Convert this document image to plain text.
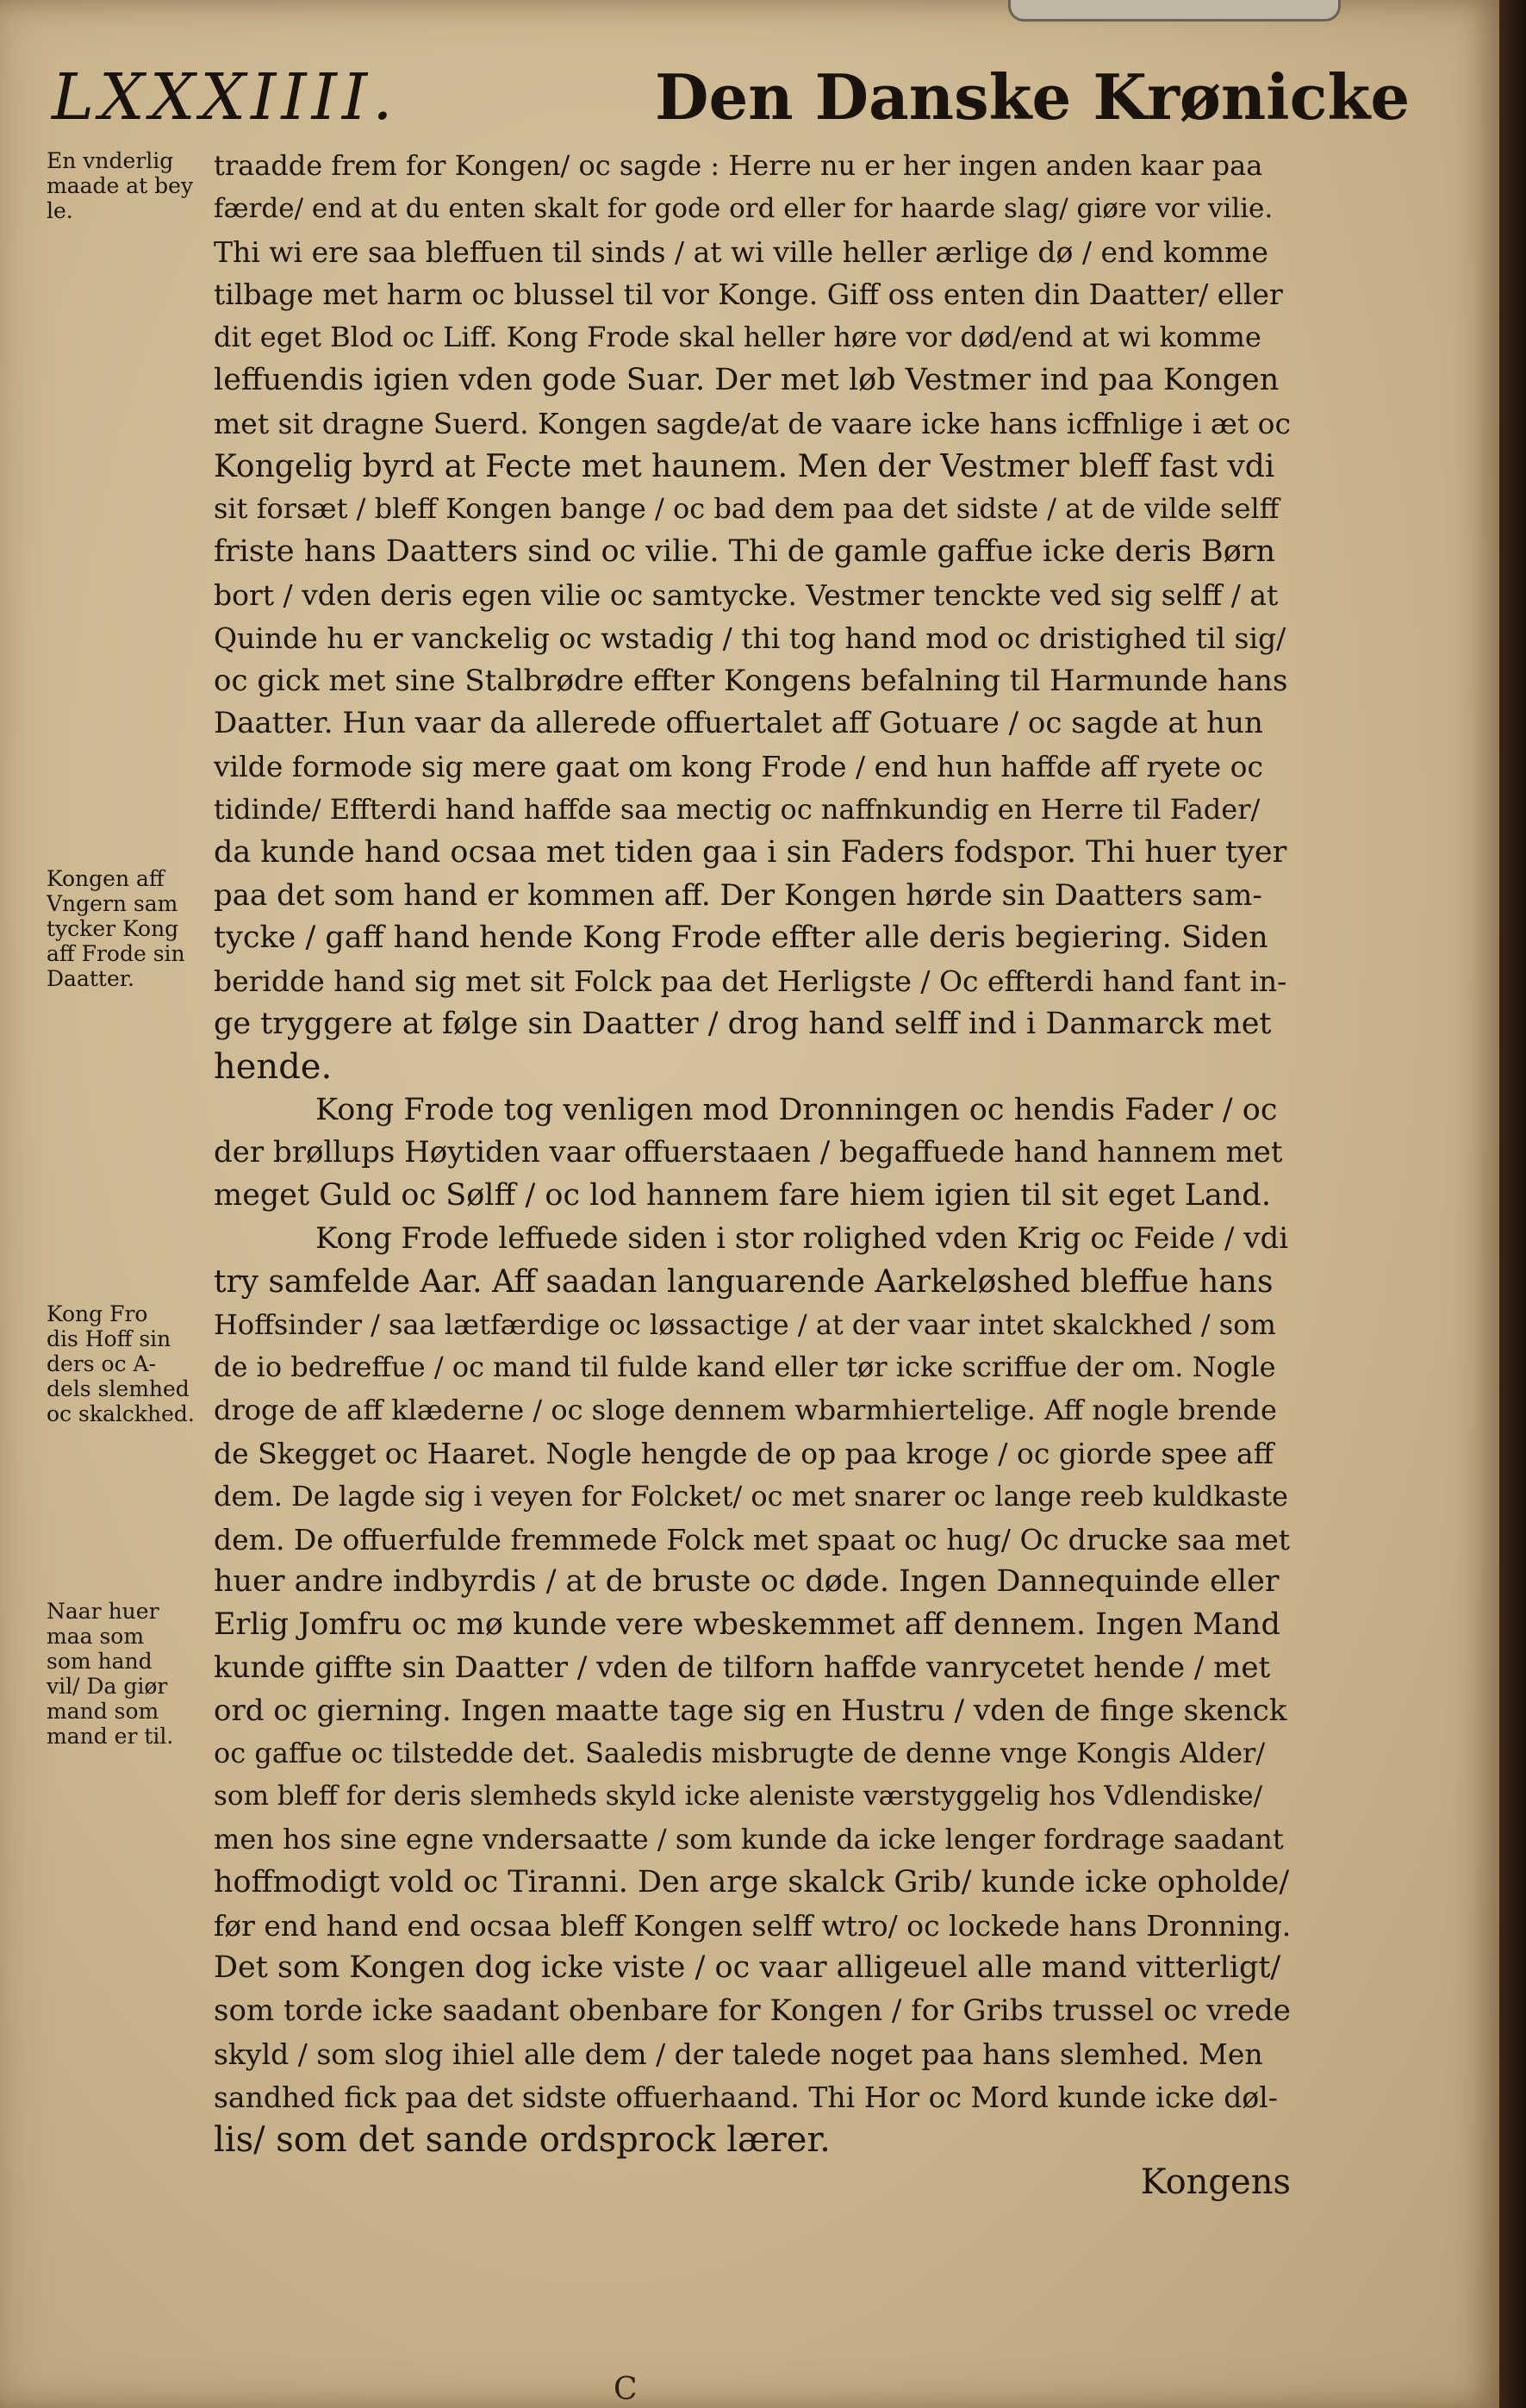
LXXXIIII.	Den Danske Krønicke
traadde frem for Kongen/ oc sagde : Herre nu er her ingen anden kaar paa
færde/ end at du enten skalt for gode ord eller for haarde slag/ giøre vor vilie.
Thi wi ere saa bleffuen til sinds / at wi ville heller ærlige dø / end komme
tilbage met harm oc blussel til vor Konge. Giff oss enten din Daatter/ eller
dit eget Blod oc Liff. Kong Frode skal heller høre vor død/end at wi komme
leffuendis igien vden gode Suar. Der met løb Vestmer ind paa Kongen
met sit dragne Suerd. Kongen sagde/at de vaare icke hans icffnlige i æt oc
Kongelig byrd at Fecte met haunem. Men der Vestmer bleff fast vdi
sit forsæt / bleff Kongen bange / oc bad dem paa det sidste / at de vilde selff
friste hans Daatters sind oc vilie. Thi de gamle gaffue icke deris Børn
bort / vden deris egen vilie oc samtycke. Vestmer tenckte ved sig selff / at
Quinde hu er vanckelig oc wstadig / thi tog hand mod oc dristighed til sig/
oc gick met sine Stalbrødre effter Kongens befalning til Harmunde hans
Daatter. Hun vaar da allerede offuertalet aff Gotuare / oc sagde at hun
vilde formode sig mere gaat om kong Frode / end hun haffde aff ryete oc
tidinde/ Effterdi hand haffde saa mectig oc naffnkundig en Herre til Fader/
da kunde hand ocsaa met tiden gaa i sin Faders fodspor. Thi huer tyer
paa det som hand er kommen aff. Der Kongen hørde sin Daatters sam-
tycke / gaff hand hende Kong Frode effter alle deris begiering. Siden
beridde hand sig met sit Folck paa det Herligste / Oc effterdi hand fant in-
ge tryggere at følge sin Daatter / drog hand selff ind i Danmarck met
hende.
Kong Frode tog venligen mod Dronningen oc hendis Fader / oc
der brøllups Høytiden vaar offuerstaaen / begaffuede hand hannem met
meget Guld oc Sølff / oc lod hannem fare hiem igien til sit eget Land.
Kong Frode leffuede siden i stor rolighed vden Krig oc Feide / vdi
try samfelde Aar. Aff saadan languarende Aarkeløshed bleffue hans
Hoffsinder / saa lætfærdige oc løssactige / at der vaar intet skalckhed / som
de io bedreffue / oc mand til fulde kand eller tør icke scriffue der om. Nogle
droge de aff klæderne / oc sloge dennem wbarmhiertelige. Aff nogle brende
de Skegget oc Haaret. Nogle hengde de op paa kroge / oc giorde spee aff
dem. De lagde sig i veyen for Folcket/ oc met snarer oc lange reeb kuldkaste
dem. De offuerfulde fremmede Folck met spaat oc hug/ Oc drucke saa met
huer andre indbyrdis / at de bruste oc døde. Ingen Dannequinde eller
Erlig Jomfru oc mø kunde vere wbeskemmet aff dennem. Ingen Mand
kunde giffte sin Daatter / vden de tilforn haffde vanrycetet hende / met
ord oc gierning. Ingen maatte tage sig en Hustru / vden de finge skenck
oc gaffue oc tilstedde det. Saaledis misbrugte de denne vnge Kongis Alder/
som bleff for deris slemheds skyld icke aleniste værstyggelig hos Vdlendiske/
men hos sine egne vndersaatte / som kunde da icke lenger fordrage saadant
hoffmodigt vold oc Tiranni. Den arge skalck Grib/ kunde icke opholde/
før end hand end ocsaa bleff Kongen selff wtro/ oc lockede hans Dronning.
Det som Kongen dog icke viste / oc vaar alligeuel alle mand vitterligt/
som torde icke saadant obenbare for Kongen / for Gribs trussel oc vrede
skyld / som slog ihiel alle dem / der talede noget paa hans slemhed. Men
sandhed fick paa det sidste offuerhaand. Thi Hor oc Mord kunde icke døl-
lis/ som det sande ordsprock lærer.
Kongens
En vnderlig
maade at bey
le.
Kongen aff
Vngern sam
tycker Kong
aff Frode sin
Daatter.
Kong Fro
dis Hoff sin
ders oc A-
dels slemhed
oc skalckhed.
Naar huer
maa som
som hand
vil/ Da giør
mand som
mand er til.
C
